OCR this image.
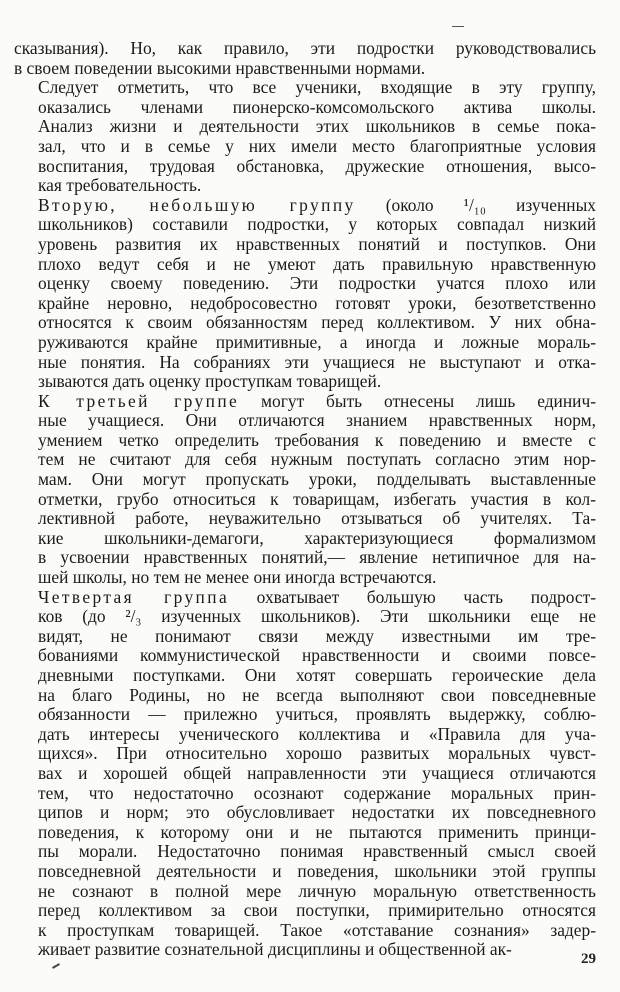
сказывания). Но, как правило, эти подростки руководствовались
в своем поведении высокими нравственными нормами.
Следует отметить, что все ученики, входящие в эту группу,
оказались членами пионерско-комсомольского актива школы.
Анализ жизни и деятельности этих школьников в семье пока-
зал, что и в семье у них имели место благоприятные условия
воспитания, трудовая обстановка, дружеские отношения, высо-
кая требовательность.
Вторую, небольшую группу (около ¹/₁₀ изученных
школьников) составили подростки, у которых совпадал низкий
уровень развития их нравственных понятий и поступков. Они
плохо ведут себя и не умеют дать правильную нравственную
оценку своему поведению. Эти подростки учатся плохо или
крайне неровно, недобросовестно готовят уроки, безответственно
относятся к своим обязанностям перед коллективом. У них обна-
руживаются крайне примитивные, а иногда и ложные мораль-
ные понятия. На собраниях эти учащиеся не выступают и отка-
зываются дать оценку проступкам товарищей.
К третьей группе могут быть отнесены лишь единич-
ные учащиеся. Они отличаются знанием нравственных норм,
умением четко определить требования к поведению и вместе с
тем не считают для себя нужным поступать согласно этим нор-
мам. Они могут пропускать уроки, подделывать выставленные
отметки, грубо относиться к товарищам, избегать участия в кол-
лективной работе, неуважительно отзываться об учителях. Та-
кие школьники-демагоги, характеризующиеся формализмом
в усвоении нравственных понятий,— явление нетипичное для на-
шей школы, но тем не менее они иногда встречаются.
Четвертая группа охватывает большую часть подрост-
ков (до ²/₃ изученных школьников). Эти школьники еще не
видят, не понимают связи между известными им тре-
бованиями коммунистической нравственности и своими повсе-
дневными поступками. Они хотят совершать героические дела
на благо Родины, но не всегда выполняют свои повседневные
обязанности — прилежно учиться, проявлять выдержку, соблю-
дать интересы ученического коллектива и «Правила для уча-
щихся». При относительно хорошо развитых моральных чувст-
вах и хорошей общей направленности эти учащиеся отличаются
тем, что недостаточно осознают содержание моральных прин-
ципов и норм; это обусловливает недостатки их повседневного
поведения, к которому они и не пытаются применить принци-
пы морали. Недостаточно понимая нравственный смысл своей
повседневной деятельности и поведения, школьники этой группы
не сознают в полной мере личную моральную ответственность
перед коллективом за свои поступки, примирительно относятся
к проступкам товарищей. Такое «отставание сознания» задер-
живает развитие сознательной дисциплины и общественной ак-	29
